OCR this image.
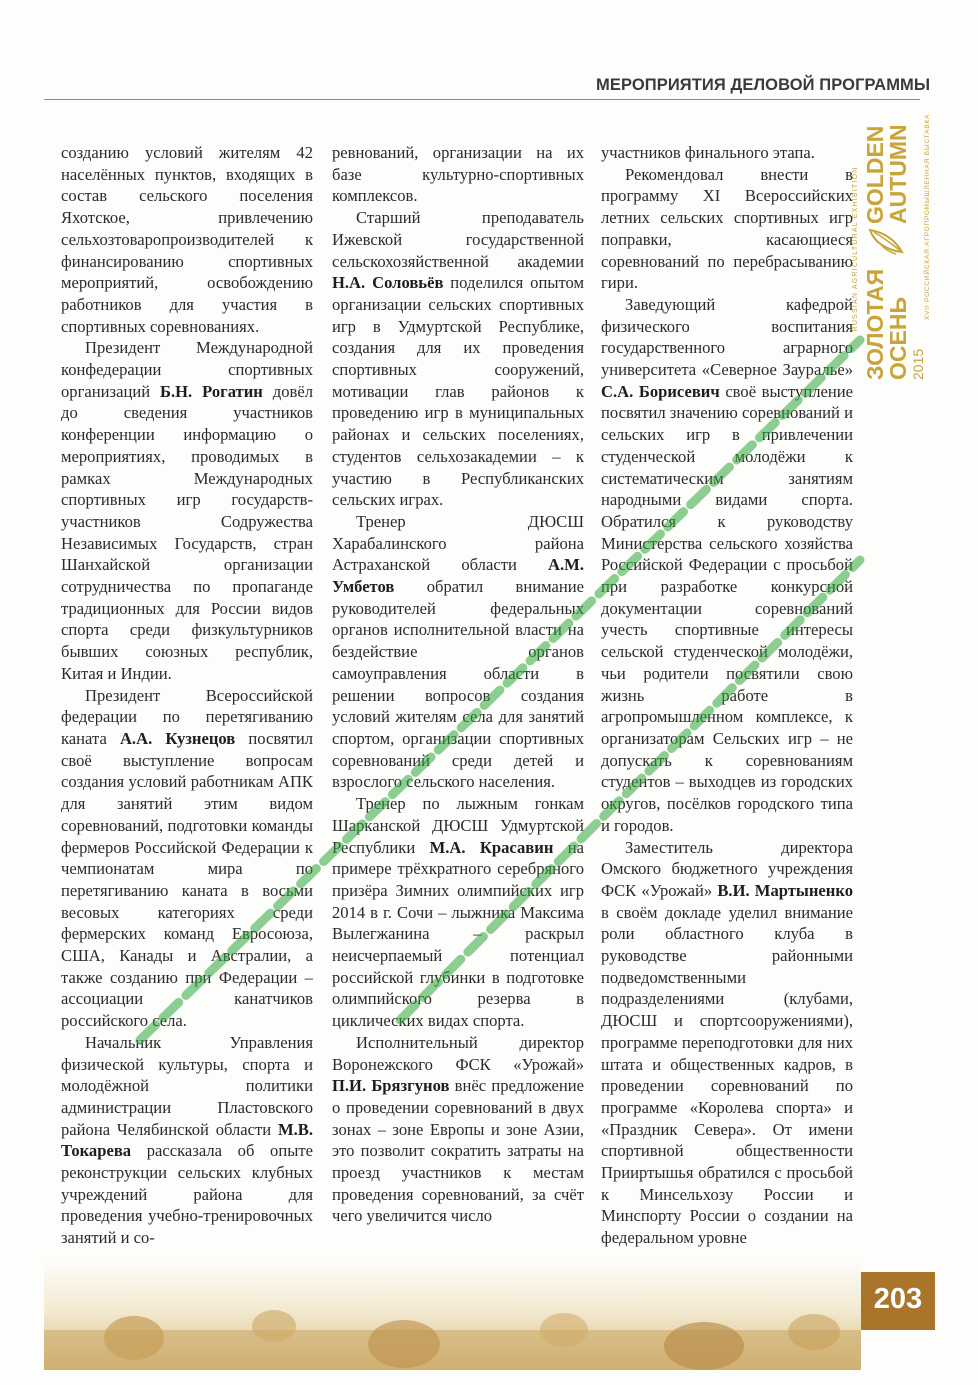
МЕРОПРИЯТИЯ ДЕЛОВОЙ ПРОГРАММЫ
RUSSIAN AGRICULTURAL EXHIBITION ЗОЛОТАЯ
ОСЕНЬ
GOLDEN
AUTUMN
2015
XVII РОССИЙСКАЯ АГРОПРОМЫШЛЕННАЯ ВЫСТАВКА

созданию условий жителям 42 населённых пунктов, входящих в состав сельского поселения Яхотское, привлечению сельхозтоваропроизводителей к финансированию спортивных мероприятий, освобождению работников для участия в спортивных соревнованиях.

Президент Международной конфедерации спортивных организаций Б.Н. Рогатин довёл до сведения участников конференции информацию о мероприятиях, проводимых в рамках Международных спортивных игр государств-участников Содружества Независимых Государств, стран Шанхайской организации сотрудничества по пропаганде традиционных для России видов спорта среди физкультурников бывших союзных республик, Китая и Индии.

Президент Всероссийской федерации по перетягиванию каната А.А. Кузнецов посвятил своё выступление вопросам создания условий работникам АПК для занятий этим видом соревнований, подготовки команды фермеров Российской Федерации к чемпионатам мира по перетягиванию каната в восьми весовых категориях среди фермерских команд Евросоюза, США, Канады и Австралии, а также созданию при Федерации – ассоциации канатчиков российского села.

Начальник Управления физической культуры, спорта и молодёжной политики администрации Пластовского района Челябинской области М.В. Токарева рассказала об опыте реконструкции сельских клубных учреждений района для проведения учебно-тренировочных занятий и со-

ревнований, организации на их базе культурно-спортивных комплексов.

Старший преподаватель Ижевской государственной сельскохозяйственной академии Н.А. Соловьёв поделился опытом организации сельских спортивных игр в Удмуртской Республике, создания для их проведения спортивных сооружений, мотивации глав районов к проведению игр в муниципальных районах и сельских поселениях, студентов сельхозакадемии – к участию в Республиканских сельских играх.

Тренер ДЮСШ Харабалинского района Астраханской области А.М. Умбетов обратил внимание руководителей федеральных органов исполнительной власти на бездействие органов самоуправления области в решении вопросов создания условий жителям села для занятий спортом, организации спортивных соревнований среди детей и взрослого сельского населения.

Тренер по лыжным гонкам Шарканской ДЮСШ Удмуртской Республики М.А. Красавин на примере трёхкратного серебряного призёра Зимних олимпийских игр 2014 в г. Сочи – лыжника Максима Вылегжанина – раскрыл неисчерпаемый потенциал российской глубинки в подготовке олимпийского резерва в циклических видах спорта.

Исполнительный директор Воронежского ФСК «Урожай» П.И. Брязгунов внёс предложение о проведении соревнований в двух зонах – зоне Европы и зоне Азии, это позволит сократить затраты на проезд участников к местам проведения соревнований, за счёт чего увеличится число

участников финального этапа.

Рекомендовал внести в программу XI Всероссийских летних сельских спортивных игр поправки, касающиеся соревнований по перебрасыванию гири.

Заведующий кафедрой физического воспитания государственного аграрного университета «Северное Зауралье» С.А. Борисевич своё выступление посвятил значению соревнований и сельских игр в привлечении студенческой молодёжи к систематическим занятиям народными видами спорта. Обратился к руководству Министерства сельского хозяйства Российской Федерации с просьбой при разработке конкурсной документации соревнований учесть спортивные интересы сельской студенческой молодёжи, чьи родители посвятили свою жизнь работе в агропромышленном комплексе, к организаторам Сельских игр – не допускать к соревнованиям студентов – выходцев из городских округов, посёлков городского типа и городов.

Заместитель директора Омского бюджетного учреждения ФСК «Урожай» В.И. Мартыненко в своём докладе уделил внимание роли областного клуба в руководстве районными подведомственными подразделениями (клубами, ДЮСШ и спортсооружениями), программе переподготовки для них штата и общественных кадров, в проведении соревнований по программе «Королева спорта» и «Праздник Севера». От имени спортивной общественности Прииртышья обратился с просьбой к Минсельхозу России и Минспорту России о создании на федеральном уровне

203
